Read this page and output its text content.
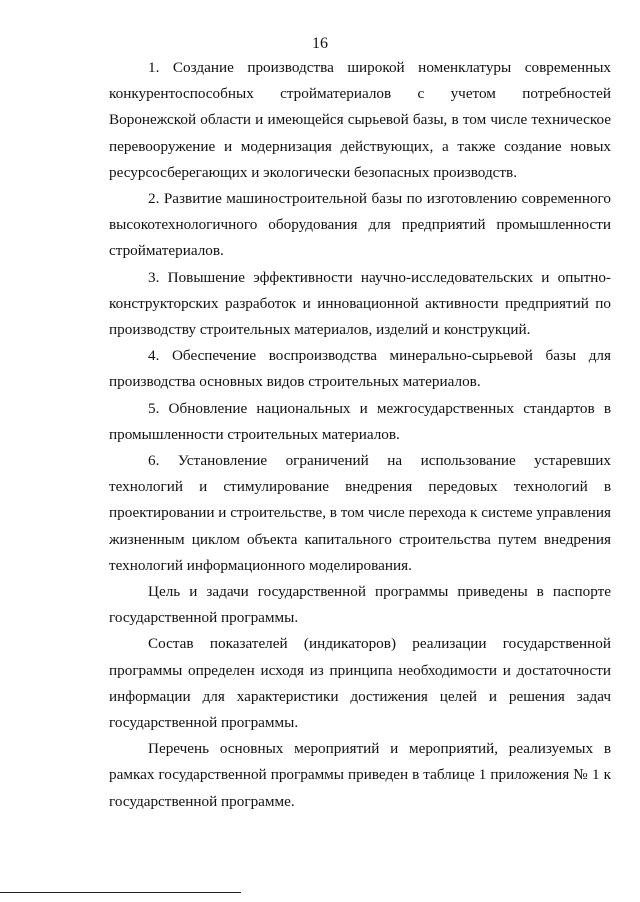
16

1. Создание производства широкой номенклатуры современных конкурентоспособных стройматериалов с учетом потребностей Воронежской области и имеющейся сырьевой базы, в том числе техническое перевооружение и модернизация действующих, а также создание новых ресурсосберегающих и экологически безопасных производств.

2. Развитие машиностроительной базы по изготовлению современного высокотехнологичного оборудования для предприятий промышленности стройматериалов.

3. Повышение эффективности научно-исследовательских и опытно-конструкторских разработок и инновационной активности предприятий по производству строительных материалов, изделий и конструкций.

4. Обеспечение воспроизводства минерально-сырьевой базы для производства основных видов строительных материалов.

5. Обновление национальных и межгосударственных стандартов в промышленности строительных материалов.

6. Установление ограничений на использование устаревших технологий и стимулирование внедрения передовых технологий в проектировании и строительстве, в том числе перехода к системе управления жизненным циклом объекта капитального строительства путем внедрения технологий информационного моделирования.

Цель и задачи государственной программы приведены в паспорте государственной программы.

Состав показателей (индикаторов) реализации государственной программы определен исходя из принципа необходимости и достаточности информации для характеристики достижения целей и решения задач государственной программы.

Перечень основных мероприятий и мероприятий, реализуемых в рамках государственной программы приведен в таблице 1 приложения № 1 к государственной программе.
